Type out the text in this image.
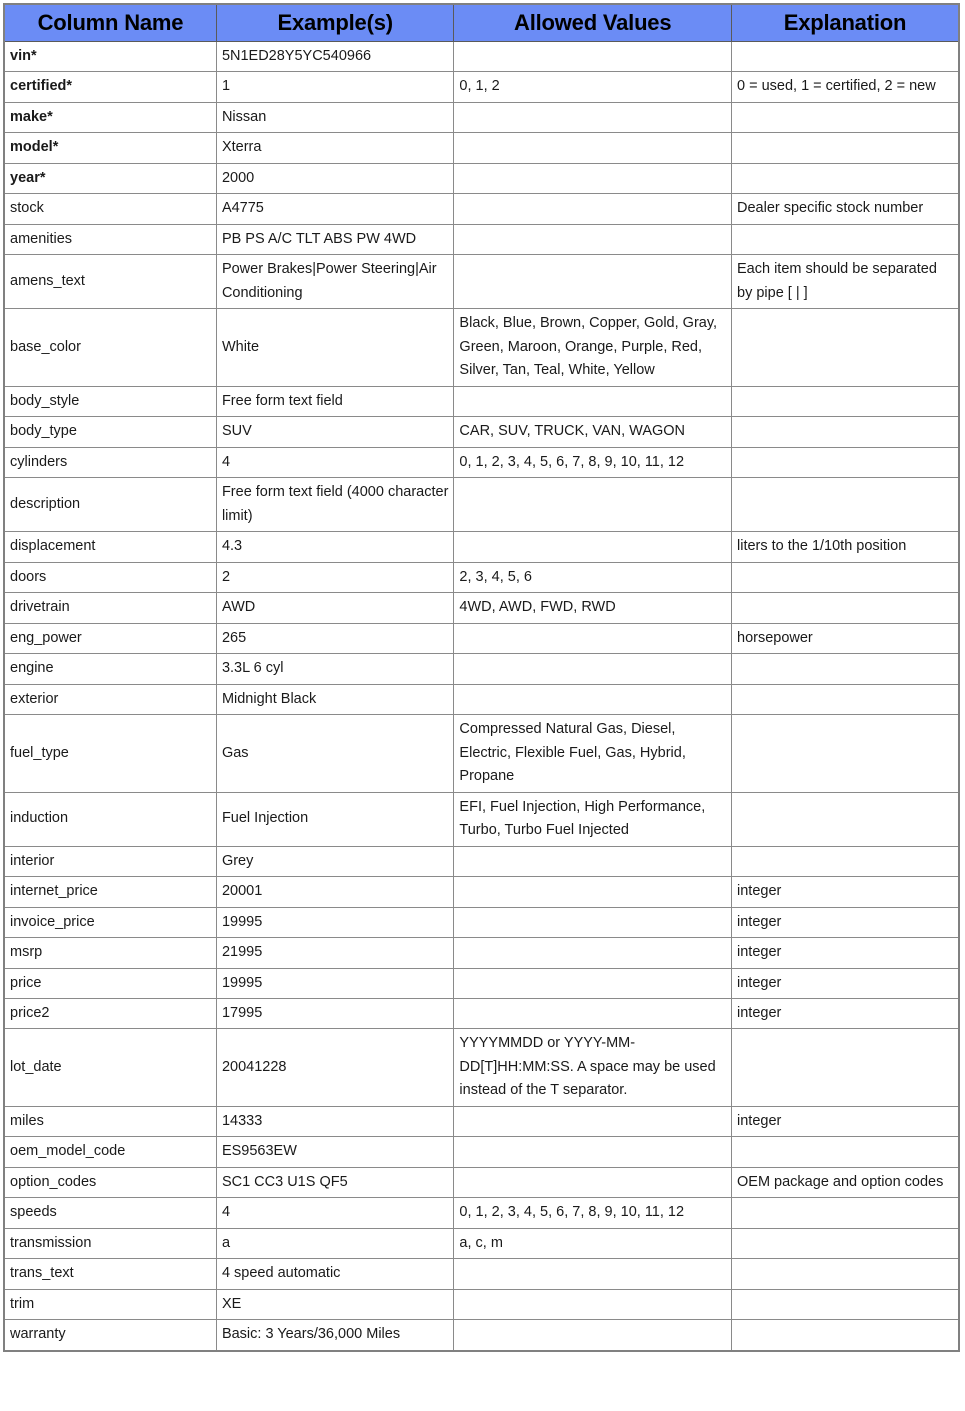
Column Name	Example(s)	Allowed Values	Explanation
vin*	5N1ED28Y5YC540966		
certified*	1	0, 1, 2	0 = used, 1 = certified, 2 = new
make*	Nissan		
model*	Xterra		
year*	2000		
stock	A4775		Dealer specific stock number
amenities	PB PS A/C TLT ABS PW 4WD		
amens_text	Power Brakes|Power Steering|Air Conditioning		Each item should be separated by pipe [ | ]
base_color	White	Black, Blue, Brown, Copper, Gold, Gray, Green, Maroon, Orange, Purple, Red, Silver, Tan, Teal, White, Yellow	
body_style	Free form text field		
body_type	SUV	CAR, SUV, TRUCK, VAN, WAGON	
cylinders	4	0, 1, 2, 3, 4, 5, 6, 7, 8, 9, 10, 11, 12	
description	Free form text field (4000 character limit)		
displacement	4.3		liters to the 1/10th position
doors	2	2, 3, 4, 5, 6	
drivetrain	AWD	4WD, AWD, FWD, RWD	
eng_power	265		horsepower
engine	3.3L 6 cyl		
exterior	Midnight Black		
fuel_type	Gas	Compressed Natural Gas, Diesel, Electric, Flexible Fuel, Gas, Hybrid, Propane	
induction	Fuel Injection	EFI, Fuel Injection, High Performance, Turbo, Turbo Fuel Injected	
interior	Grey		
internet_price	20001		integer
invoice_price	19995		integer
msrp	21995		integer
price	19995		integer
price2	17995		integer
lot_date	20041228	YYYYMMDD or YYYY-MM-DD[T]HH:MM:SS. A space may be used instead of the T separator.	
miles	14333		integer
oem_model_code	ES9563EW		
option_codes	SC1 CC3 U1S QF5		OEM package and option codes
speeds	4	0, 1, 2, 3, 4, 5, 6, 7, 8, 9, 10, 11, 12	
transmission	a	a, c, m	
trans_text	4 speed automatic		
trim	XE		
warranty	Basic: 3 Years/36,000 Miles		
